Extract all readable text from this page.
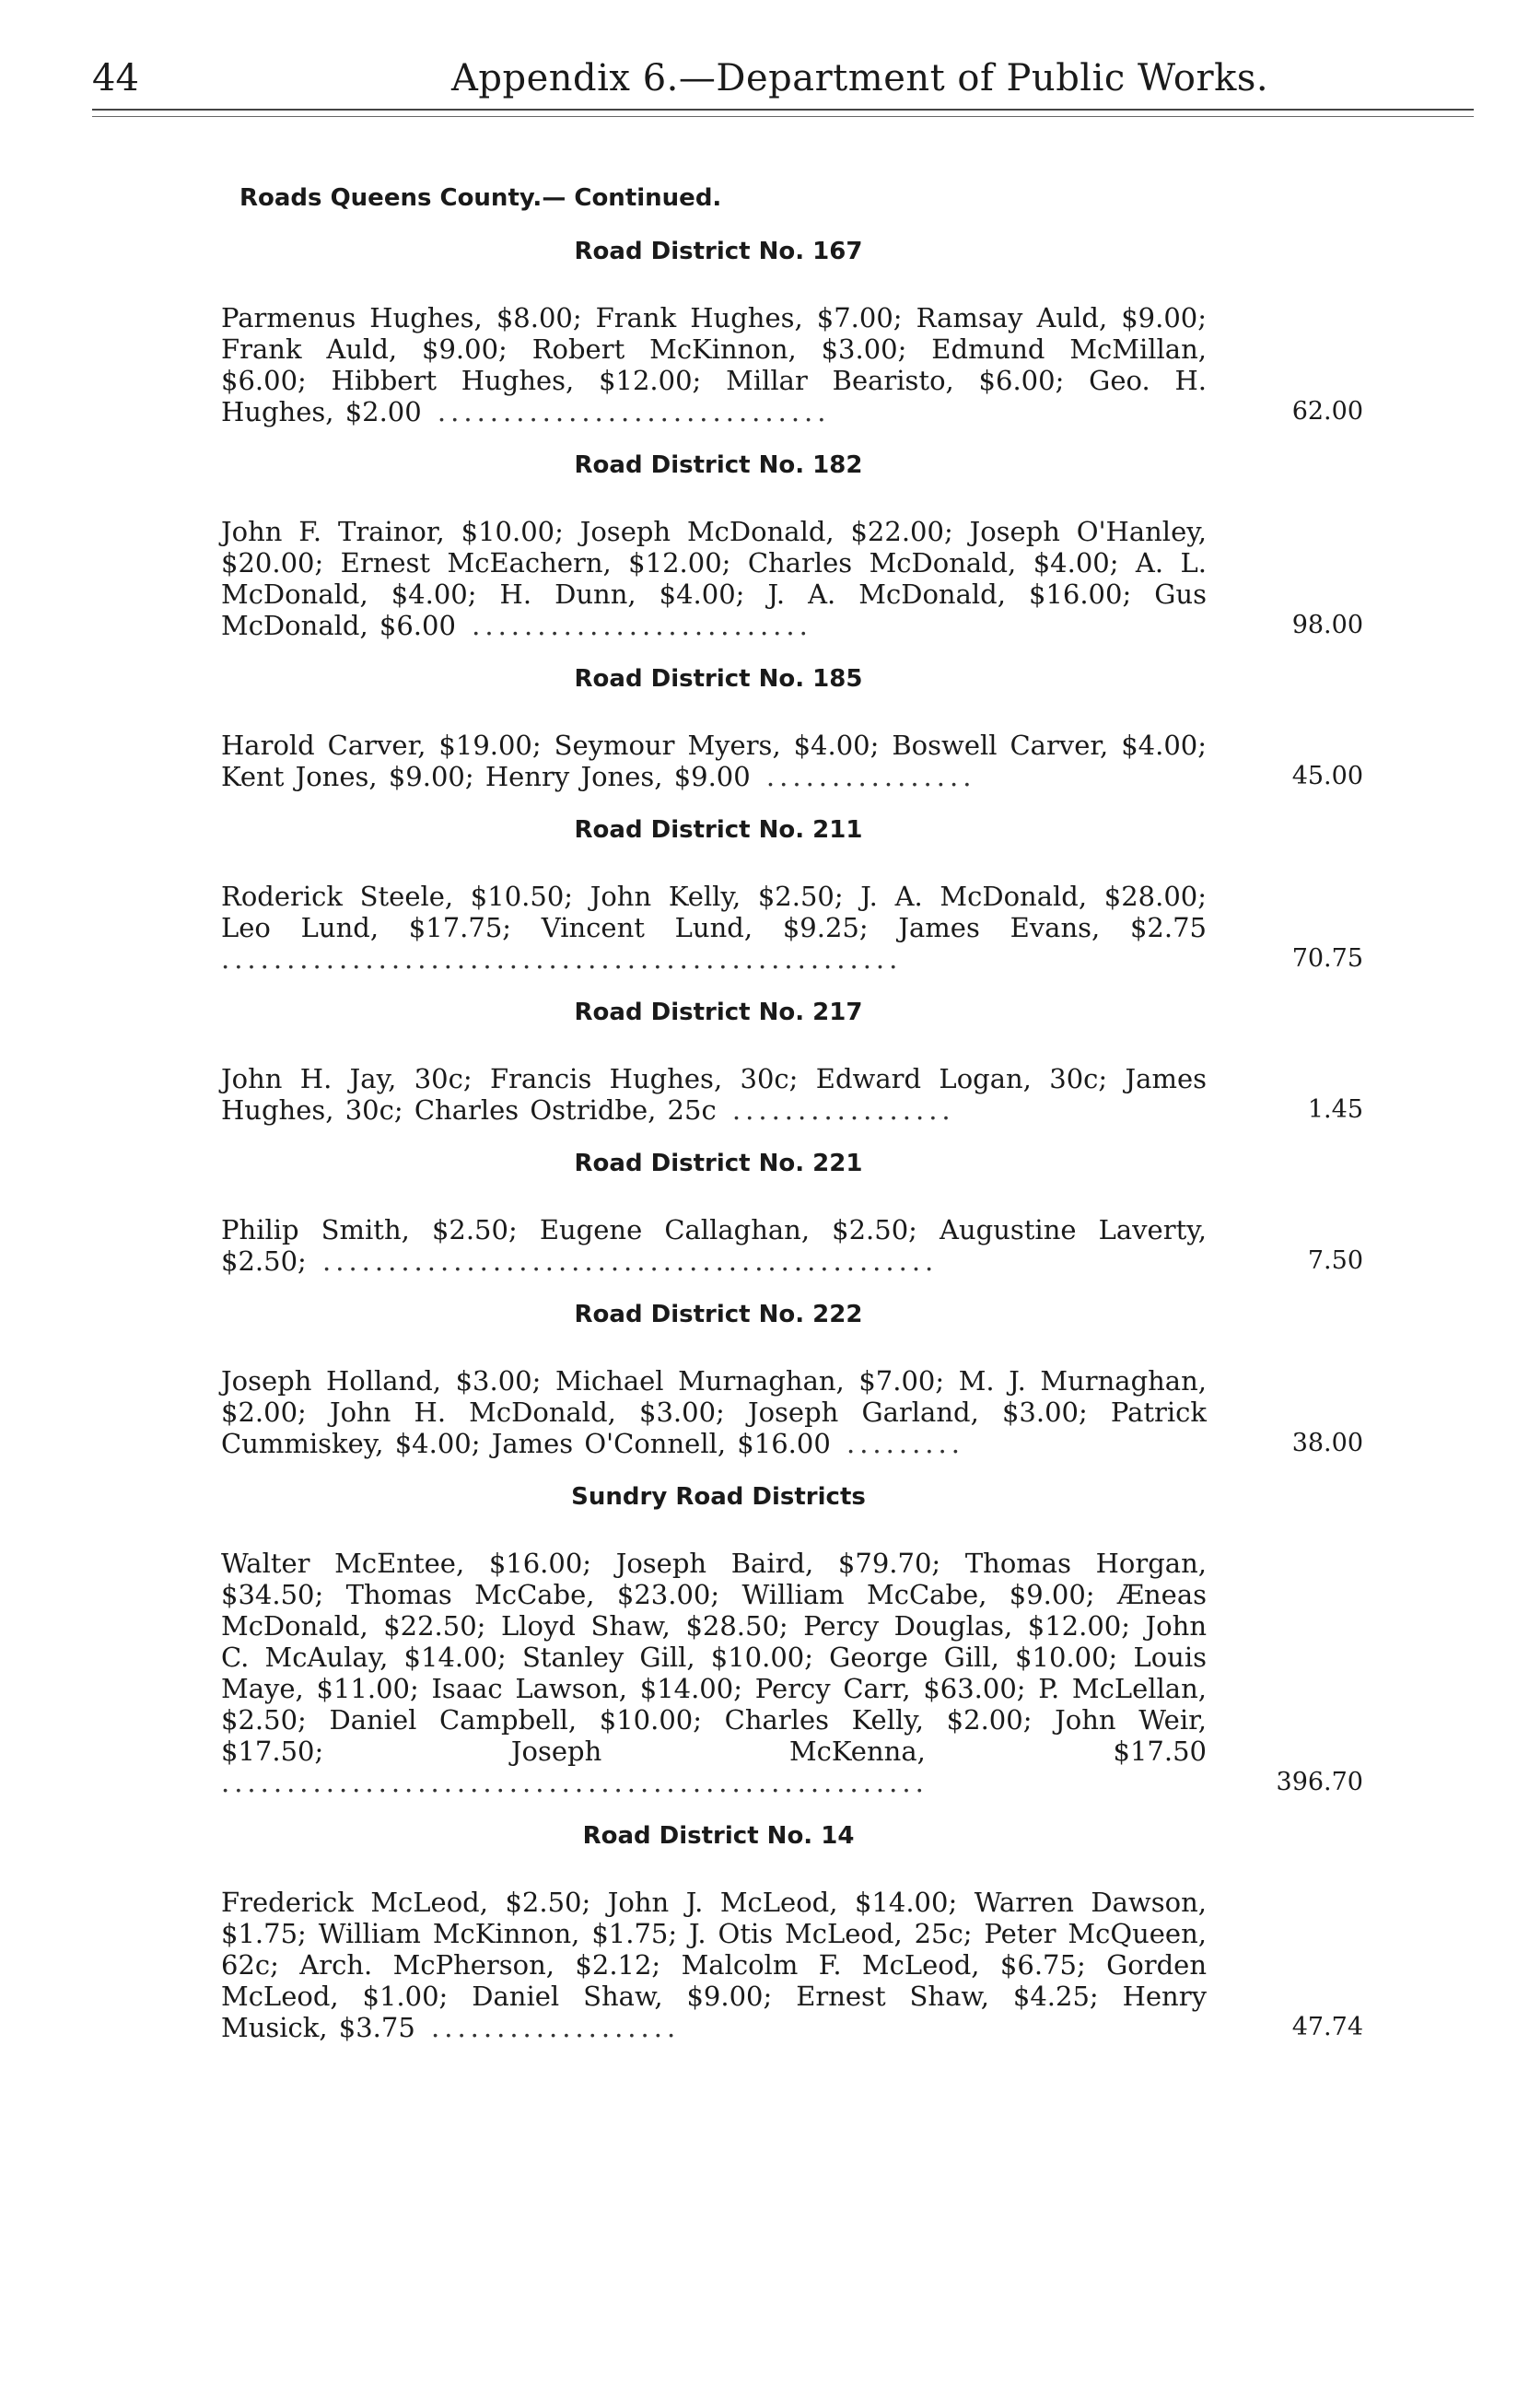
44	Appendix 6.—Department of Public Works.
Roads Queens County.— Continued.
Road District No. 167
Parmenus Hughes, $8.00; Frank Hughes, $7.00; Ramsay Auld, $9.00; Frank Auld, $9.00; Robert McKinnon, $3.00; Edmund McMillan, $6.00; Hibbert Hughes, $12.00; Millar Bearisto, $6.00; Geo. H. Hughes, $2.00 ..............................	62.00
Road District No. 182
John F. Trainor, $10.00; Joseph McDonald, $22.00; Joseph O'Hanley, $20.00; Ernest McEachern, $12.00; Charles McDonald, $4.00; A. L. McDonald, $4.00; H. Dunn, $4.00; J. A. McDonald, $16.00; Gus McDonald, $6.00 ..........................	98.00
Road District No. 185
Harold Carver, $19.00; Seymour Myers, $4.00; Boswell Carver, $4.00; Kent Jones, $9.00; Henry Jones, $9.00 ................	45.00
Road District No. 211
Roderick Steele, $10.50; John Kelly, $2.50; J. A. McDonald, $28.00; Leo Lund, $17.75; Vincent Lund, $9.25; James Evans, $2.75 ....................................................	70.75
Road District No. 217
John H. Jay, 30c; Francis Hughes, 30c; Edward Logan, 30c; James Hughes, 30c; Charles Ostridbe, 25c .................	1.45
Road District No. 221
Philip Smith, $2.50; Eugene Callaghan, $2.50; Augustine Laverty, $2.50; ...............................................	7.50
Road District No. 222
Joseph Holland, $3.00; Michael Murnaghan, $7.00; M. J. Murnaghan, $2.00; John H. McDonald, $3.00; Joseph Garland, $3.00; Patrick Cummiskey, $4.00; James O'Connell, $16.00 .........	38.00
Sundry Road Districts
Walter McEntee, $16.00; Joseph Baird, $79.70; Thomas Horgan, $34.50; Thomas McCabe, $23.00; William McCabe, $9.00; Æneas McDonald, $22.50; Lloyd Shaw, $28.50; Percy Douglas, $12.00; John C. McAulay, $14.00; Stanley Gill, $10.00; George Gill, $10.00; Louis Maye, $11.00; Isaac Lawson, $14.00; Percy Carr, $63.00; P. McLellan, $2.50; Daniel Campbell, $10.00; Charles Kelly, $2.00; John Weir, $17.50; Joseph McKenna, $17.50 ......................................................	396.70
Road District No. 14
Frederick McLeod, $2.50; John J. McLeod, $14.00; Warren Dawson, $1.75; William McKinnon, $1.75; J. Otis McLeod, 25c; Peter McQueen, 62c; Arch. McPherson, $2.12; Malcolm F. McLeod, $6.75; Gorden McLeod, $1.00; Daniel Shaw, $9.00; Ernest Shaw, $4.25; Henry Musick, $3.75 ...................	47.74
